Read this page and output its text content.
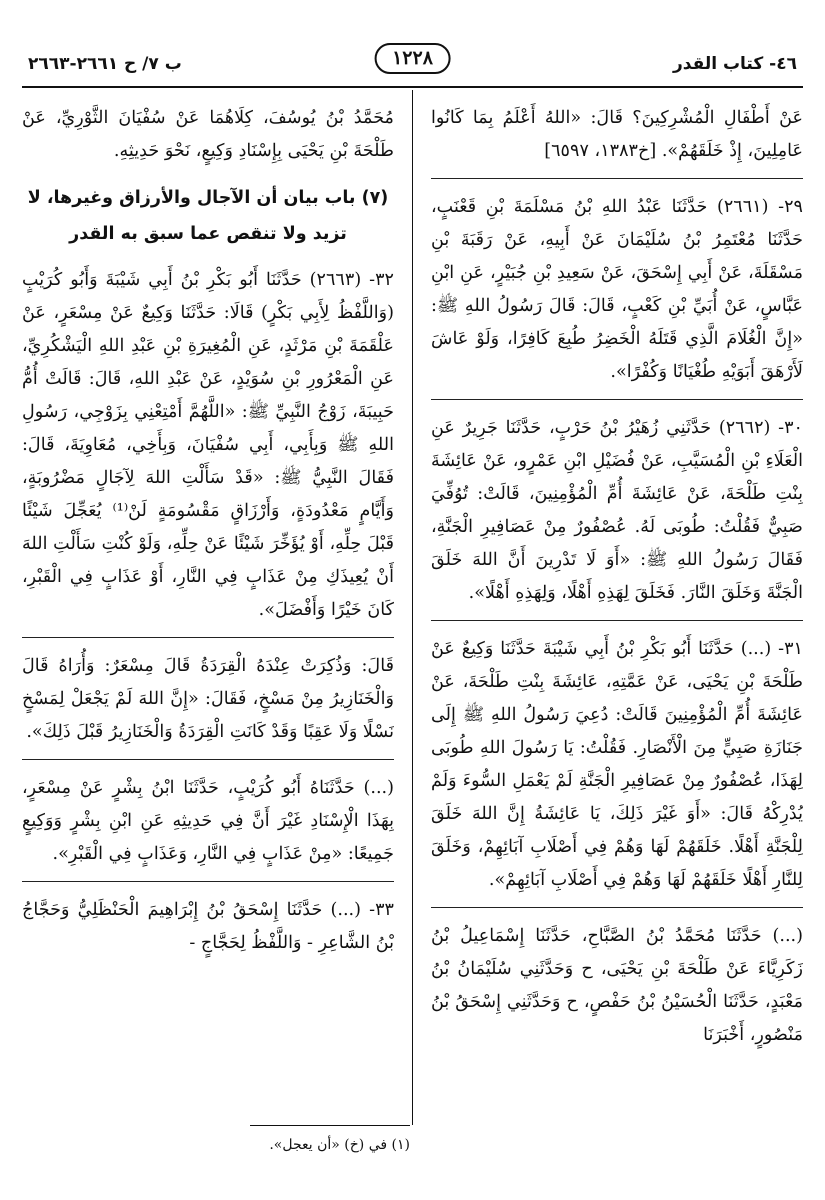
٤٦- كتاب القدر
١٢٢٨
ب ٧/ ح ٢٦٦١-٢٦٦٣

عَنْ أَطْفَالِ الْمُشْرِكِينَ؟ قَالَ: «اللهُ أَعْلَمُ بِمَا كَانُوا عَامِلِينَ، إِذْ خَلَقَهُمْ». [خ١٣٨٣، ٦٥٩٧]

٢٩- (٢٦٦١) حَدَّثَنَا عَبْدُ اللهِ بْنُ مَسْلَمَةَ بْنِ قَعْنَبٍ، حَدَّثَنَا مُعْتَمِرُ بْنُ سُلَيْمَانَ عَنْ أَبِيهِ، عَنْ رَقَبَةَ بْنِ مَسْقَلَةَ، عَنْ أَبِي إِسْحَقَ، عَنْ سَعِيدِ بْنِ جُبَيْرٍ، عَنِ ابْنِ عَبَّاسٍ، عَنْ أُبَيِّ بْنِ كَعْبٍ، قَالَ: قَالَ رَسُولُ اللهِ ﷺ: «إِنَّ الْغُلَامَ الَّذِي قَتَلَهُ الْخَضِرُ طُبِعَ كَافِرًا، وَلَوْ عَاشَ لَأَرْهَقَ أَبَوَيْهِ طُغْيَانًا وَكُفْرًا».

٣٠- (٢٦٦٢) حَدَّثَنِي زُهَيْرُ بْنُ حَرْبٍ، حَدَّثَنَا جَرِيرٌ عَنِ الْعَلَاءِ بْنِ الْمُسَيَّبِ، عَنْ فُضَيْلِ ابْنِ عَمْرٍو، عَنْ عَائِشَةَ بِنْتِ طَلْحَةَ، عَنْ عَائِشَةَ أُمِّ الْمُؤْمِنِينَ، قَالَتْ: تُوُفِّيَ صَبِيٌّ فَقُلْتُ: طُوبَى لَهُ. عُصْفُورٌ مِنْ عَصَافِيرِ الْجَنَّةِ، فَقَالَ رَسُولُ اللهِ ﷺ: «أَوَ لَا تَدْرِينَ أَنَّ اللهَ خَلَقَ الْجَنَّةَ وَخَلَقَ النَّارَ. فَخَلَقَ لِهَذِهِ أَهْلًا، وَلِهَذِهِ أَهْلًا».

٣١- (...) حَدَّثَنَا أَبُو بَكْرِ بْنُ أَبِي شَيْبَةَ حَدَّثَنَا وَكِيعٌ عَنْ طَلْحَةَ بْنِ يَحْيَى، عَنْ عَمَّتِهِ، عَائِشَةَ بِنْتِ طَلْحَةَ، عَنْ عَائِشَةَ أُمِّ الْمُؤْمِنِينَ قَالَتْ: دُعِيَ رَسُولُ اللهِ ﷺ إِلَى جَنَازَةِ صَبِيٍّ مِنَ الْأَنْصَارِ. فَقُلْتُ: يَا رَسُولَ اللهِ طُوبَى لِهَذَا، عُصْفُورٌ مِنْ عَصَافِيرِ الْجَنَّةِ لَمْ يَعْمَلِ السُّوءَ وَلَمْ يُدْرِكْهُ قَالَ: «أَوَ غَيْرَ ذَلِكَ، يَا عَائِشَةُ إِنَّ اللهَ خَلَقَ لِلْجَنَّةِ أَهْلًا. خَلَقَهُمْ لَهَا وَهُمْ فِي أَصْلَابِ آبَائِهِمْ، وَخَلَقَ لِلنَّارِ أَهْلًا خَلَقَهُمْ لَهَا وَهُمْ فِي أَصْلَابِ آبَائِهِمْ».

(...) حَدَّثَنَا مُحَمَّدُ بْنُ الصَّبَّاحِ، حَدَّثَنَا إِسْمَاعِيلُ بْنُ زَكَرِيَّاءَ عَنْ طَلْحَةَ بْنِ يَحْيَى، ح وَحَدَّثَنِي سُلَيْمَانُ بْنُ مَعْبَدٍ، حَدَّثَنَا الْحُسَيْنُ بْنُ حَفْصٍ، ح وَحَدَّثَنِي إِسْحَقُ بْنُ مَنْصُورٍ، أَخْبَرَنَا

مُحَمَّدُ بْنُ يُوسُفَ، كِلَاهُمَا عَنْ سُفْيَانَ الثَّوْرِيِّ، عَنْ طَلْحَةَ بْنِ يَحْيَى بِإِسْنَادِ وَكِيعٍ، نَحْوَ حَدِيثِهِ.

(٧) باب بيان أن الآجال والأرزاق وغيرها، لا تزيد ولا تنقص عما سبق به القدر

٣٢- (٢٦٦٣) حَدَّثَنَا أَبُو بَكْرِ بْنُ أَبِي شَيْبَةَ وَأَبُو كُرَيْبٍ (وَاللَّفْظُ لِأَبِي بَكْرٍ) قَالَا: حَدَّثَنَا وَكِيعٌ عَنْ مِسْعَرٍ، عَنْ عَلْقَمَةَ بْنِ مَرْثَدٍ، عَنِ الْمُغِيرَةِ بْنِ عَبْدِ اللهِ الْيَشْكُرِيِّ، عَنِ الْمَعْرُورِ بْنِ سُوَيْدٍ، عَنْ عَبْدِ اللهِ، قَالَ: قَالَتْ أُمُّ حَبِيبَةَ، زَوْجُ النَّبِيِّ ﷺ: «اللَّهُمَّ أَمْتِعْنِي بِزَوْجِي، رَسُولِ اللهِ ﷺ وَبِأَبِي، أَبِي سُفْيَانَ، وَبِأَخِي، مُعَاوِيَةَ، قَالَ: فَقَالَ النَّبِيُّ ﷺ: «قَدْ سَأَلْتِ اللهَ لِآجَالٍ مَضْرُوبَةٍ، وَأَيَّامٍ مَعْدُودَةٍ، وَأَرْزَاقٍ مَقْسُومَةٍ لَنْ⁽¹⁾ يُعَجِّلَ شَيْئًا قَبْلَ حِلِّهِ، أَوْ يُؤَخِّرَ شَيْئًا عَنْ حِلِّهِ، وَلَوْ كُنْتِ سَأَلْتِ اللهَ أَنْ يُعِيذَكِ مِنْ عَذَابٍ فِي النَّارِ، أَوْ عَذَابٍ فِي الْقَبْرِ، كَانَ خَيْرًا وَأَفْضَلَ».

قَالَ: وَذُكِرَتْ عِنْدَهُ الْقِرَدَةُ قَالَ مِسْعَرٌ: وَأُرَاهُ قَالَ وَالْخَنَازِيرُ مِنْ مَسْخٍ، فَقَالَ: «إِنَّ اللهَ لَمْ يَجْعَلْ لِمَسْخٍ نَسْلًا وَلَا عَقِبًا وَقَدْ كَانَتِ الْقِرَدَةُ وَالْخَنَازِيرُ قَبْلَ ذَلِكَ».

(...) حَدَّثَنَاهُ أَبُو كُرَيْبٍ، حَدَّثَنَا ابْنُ بِشْرٍ عَنْ مِسْعَرٍ، بِهَذَا الْإِسْنَادِ غَيْرَ أَنَّ فِي حَدِيثِهِ عَنِ ابْنِ بِشْرٍ وَوَكِيعٍ جَمِيعًا: «مِنْ عَذَابٍ فِي النَّارِ، وَعَذَابٍ فِي الْقَبْرِ».

٣٣- (...) حَدَّثَنَا إِسْحَقُ بْنُ إِبْرَاهِيمَ الْحَنْظَلِيُّ وَحَجَّاجُ بْنُ الشَّاعِرِ - وَاللَّفْظُ لِحَجَّاجٍ -

(١) في (خ) «أن يعجل».
